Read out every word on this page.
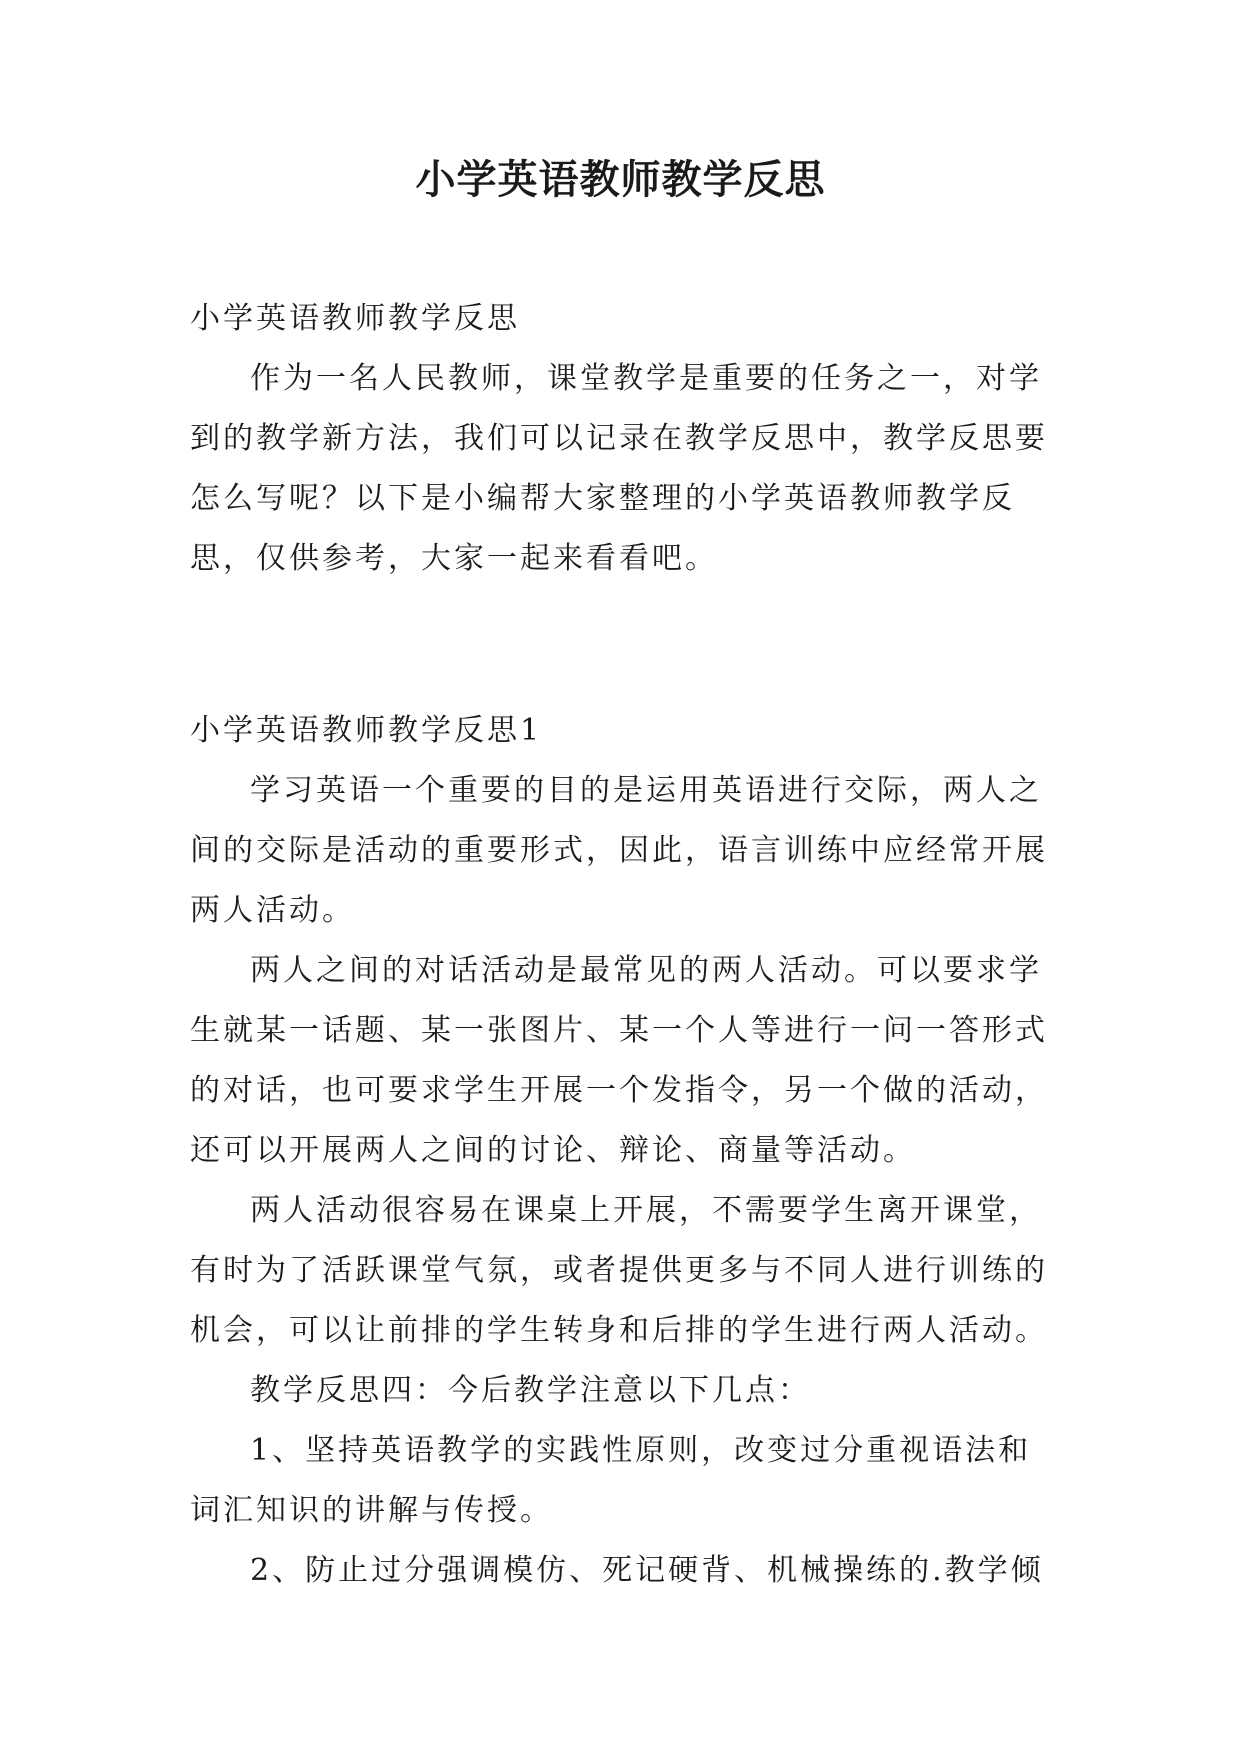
小学英语教师教学反思

小学英语教师教学反思

作为一名人民教师，课堂教学是重要的任务之一，对学到的教学新方法，我们可以记录在教学反思中，教学反思要怎么写呢？以下是小编帮大家整理的小学英语教师教学反思，仅供参考，大家一起来看看吧。

小学英语教师教学反思1

学习英语一个重要的目的是运用英语进行交际，两人之间的交际是活动的重要形式，因此，语言训练中应经常开展两人活动。

两人之间的对话活动是最常见的两人活动。可以要求学生就某一话题、某一张图片、某一个人等进行一问一答形式的对话，也可要求学生开展一个发指令，另一个做的活动，还可以开展两人之间的讨论、辩论、商量等活动。

两人活动很容易在课桌上开展，不需要学生离开课堂，有时为了活跃课堂气氛，或者提供更多与不同人进行训练的机会，可以让前排的学生转身和后排的学生进行两人活动。

教学反思四：今后教学注意以下几点：

1、坚持英语教学的实践性原则，改变过分重视语法和词汇知识的讲解与传授。

2、防止过分强调模仿、死记硬背、机械操练的.教学倾
